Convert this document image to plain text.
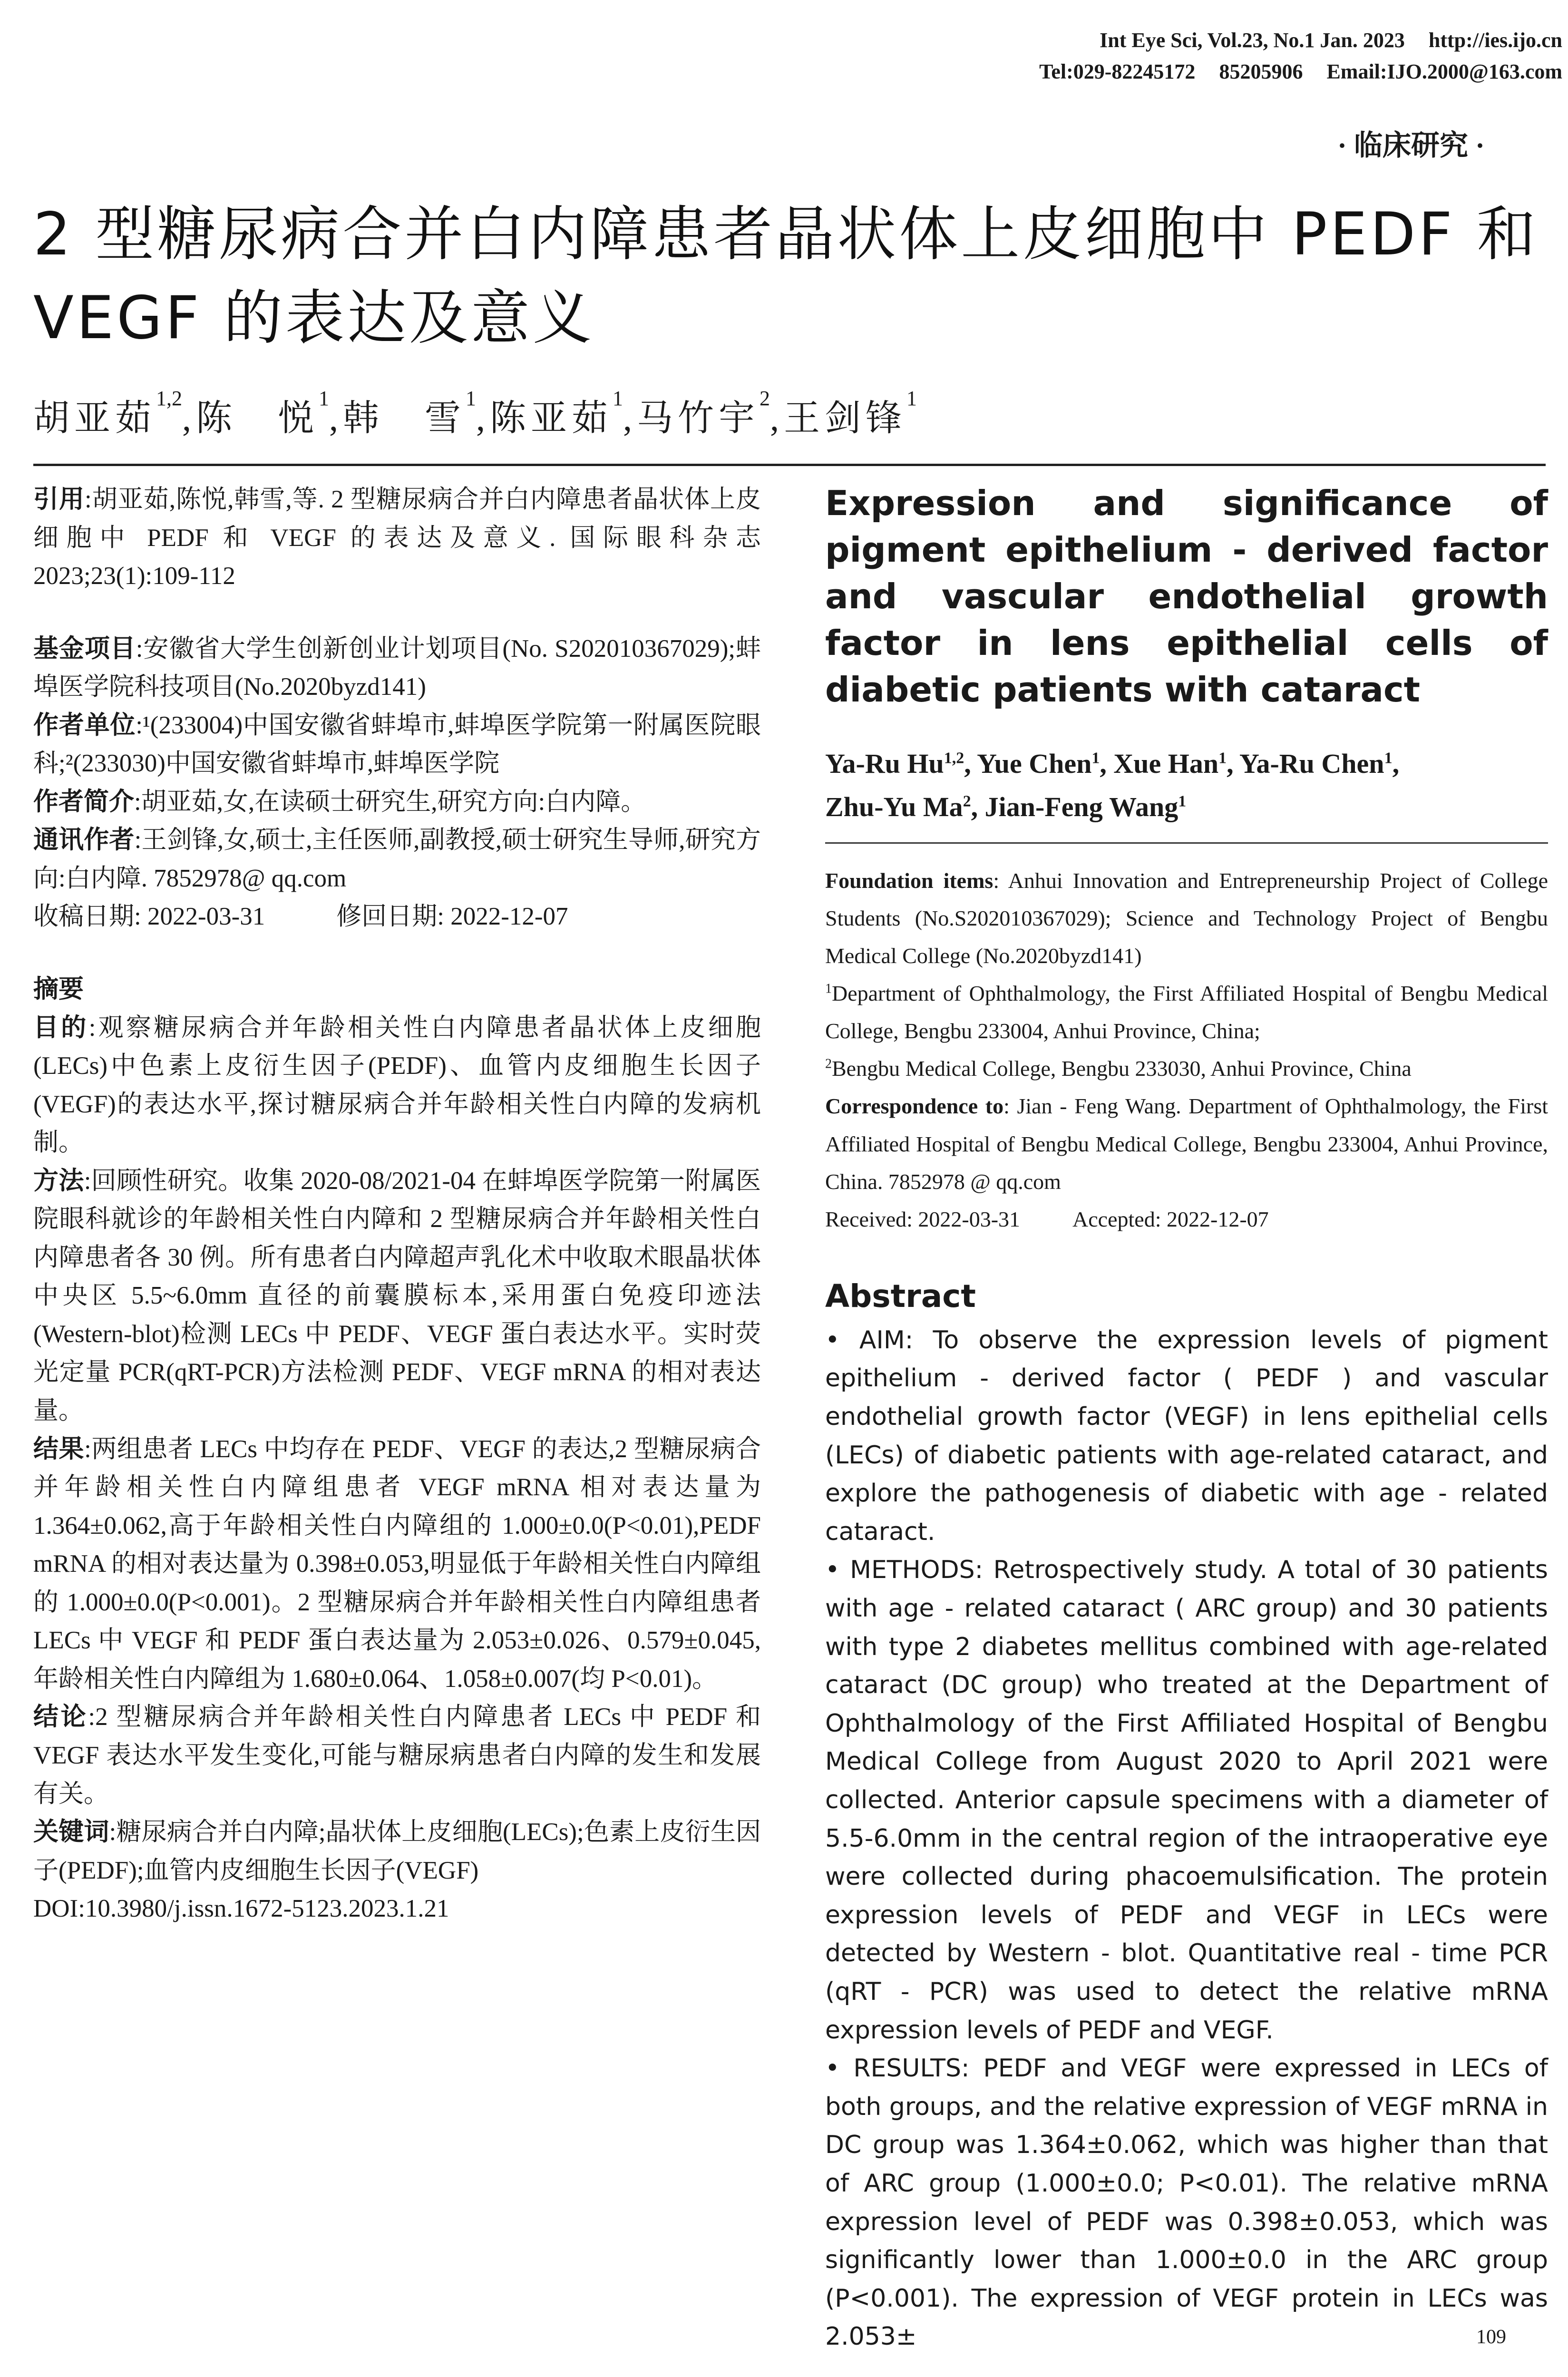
Int Eye Sci, Vol.23, No.1 Jan. 2023 http://ies.ijo.cn
Tel:029-82245172 85205906 Email:IJO.2000@163.com
· 临床研究 ·
2 型糖尿病合并白内障患者晶状体上皮细胞中 PEDF 和 VEGF 的表达及意义
胡亚茹$^{1,2}$,陈　悦$^1$,韩　雪$^1$,陈亚茹$^1$,马竹宇$^2$,王剑锋$^1$

引用:胡亚茹,陈悦,韩雪,等. 2 型糖尿病合并白内障患者晶状体上皮细胞中 PEDF 和 VEGF 的表达及意义. 国际眼科杂志 2023;23(1):109-112

基金项目:安徽省大学生创新创业计划项目(No. S202010367029);蚌埠医学院科技项目(No.2020byzd141)

作者单位:¹(233004)中国安徽省蚌埠市,蚌埠医学院第一附属医院眼科;²(233030)中国安徽省蚌埠市,蚌埠医学院

作者简介:胡亚茹,女,在读硕士研究生,研究方向:白内障。

通讯作者:王剑锋,女,硕士,主任医师,副教授,硕士研究生导师,研究方向:白内障. 7852978@ qq.com

收稿日期: 2022-03-31	修回日期: 2022-12-07

摘要

目的:观察糖尿病合并年龄相关性白内障患者晶状体上皮细胞(LECs)中色素上皮衍生因子(PEDF)、血管内皮细胞生长因子(VEGF)的表达水平,探讨糖尿病合并年龄相关性白内障的发病机制。

方法:回顾性研究。收集 2020-08/2021-04 在蚌埠医学院第一附属医院眼科就诊的年龄相关性白内障和 2 型糖尿病合并年龄相关性白内障患者各 30 例。所有患者白内障超声乳化术中收取术眼晶状体中央区 5.5~6.0mm 直径的前囊膜标本,采用蛋白免疫印迹法(Western-blot)检测 LECs 中 PEDF、VEGF 蛋白表达水平。实时荧光定量 PCR(qRT-PCR)方法检测 PEDF、VEGF mRNA 的相对表达量。

结果:两组患者 LECs 中均存在 PEDF、VEGF 的表达,2 型糖尿病合并年龄相关性白内障组患者 VEGF mRNA 相对表达量为 1.364±0.062,高于年龄相关性白内障组的 1.000±0.0(P<0.01),PEDF mRNA 的相对表达量为 0.398±0.053,明显低于年龄相关性白内障组的 1.000±0.0(P<0.001)。2 型糖尿病合并年龄相关性白内障组患者 LECs 中 VEGF 和 PEDF 蛋白表达量为 2.053±0.026、0.579±0.045,年龄相关性白内障组为 1.680±0.064、1.058±0.007(均 P<0.01)。

结论:2 型糖尿病合并年龄相关性白内障患者 LECs 中 PEDF 和 VEGF 表达水平发生变化,可能与糖尿病患者白内障的发生和发展有关。

关键词:糖尿病合并白内障;晶状体上皮细胞(LECs);色素上皮衍生因子(PEDF);血管内皮细胞生长因子(VEGF)

DOI:10.3980/j.issn.1672-5123.2023.1.21

Expression and significance of pigment epithelium - derived factor and vascular endothelial growth factor in lens epithelial cells of diabetic patients with cataract

Ya-Ru Hu$^{1,2}$, Yue Chen$^1$, Xue Han$^1$, Ya-Ru Chen$^1$,
Zhu-Yu Ma$^2$, Jian-Feng Wang$^1$

Foundation items: Anhui Innovation and Entrepreneurship Project of College Students (No.S202010367029); Science and Technology Project of Bengbu Medical College (No.2020byzd141)

$^1$Department of Ophthalmology, the First Affiliated Hospital of Bengbu Medical College, Bengbu 233004, Anhui Province, China;

$^2$Bengbu Medical College, Bengbu 233030, Anhui Province, China

Correspondence to: Jian - Feng Wang. Department of Ophthalmology, the First Affiliated Hospital of Bengbu Medical College, Bengbu 233004, Anhui Province, China. 7852978 @ qq.com

Received: 2022-03-31 Accepted: 2022-12-07

Abstract

• AIM: To observe the expression levels of pigment epithelium - derived factor ( PEDF ) and vascular endothelial growth factor (VEGF) in lens epithelial cells (LECs) of diabetic patients with age-related cataract, and explore the pathogenesis of diabetic with age - related cataract.

• METHODS: Retrospectively study. A total of 30 patients with age - related cataract ( ARC group) and 30 patients with type 2 diabetes mellitus combined with age-related cataract (DC group) who treated at the Department of Ophthalmology of the First Affiliated Hospital of Bengbu Medical College from August 2020 to April 2021 were collected. Anterior capsule specimens with a diameter of 5.5-6.0mm in the central region of the intraoperative eye were collected during phacoemulsification. The protein expression levels of PEDF and VEGF in LECs were detected by Western - blot. Quantitative real - time PCR (qRT - PCR) was used to detect the relative mRNA expression levels of PEDF and VEGF.

• RESULTS: PEDF and VEGF were expressed in LECs of both groups, and the relative expression of VEGF mRNA in DC group was 1.364±0.062, which was higher than that of ARC group (1.000±0.0; P<0.01). The relative mRNA expression level of PEDF was 0.398±0.053, which was significantly lower than 1.000±0.0 in the ARC group (P<0.001). The expression of VEGF protein in LECs was 2.053±	109
